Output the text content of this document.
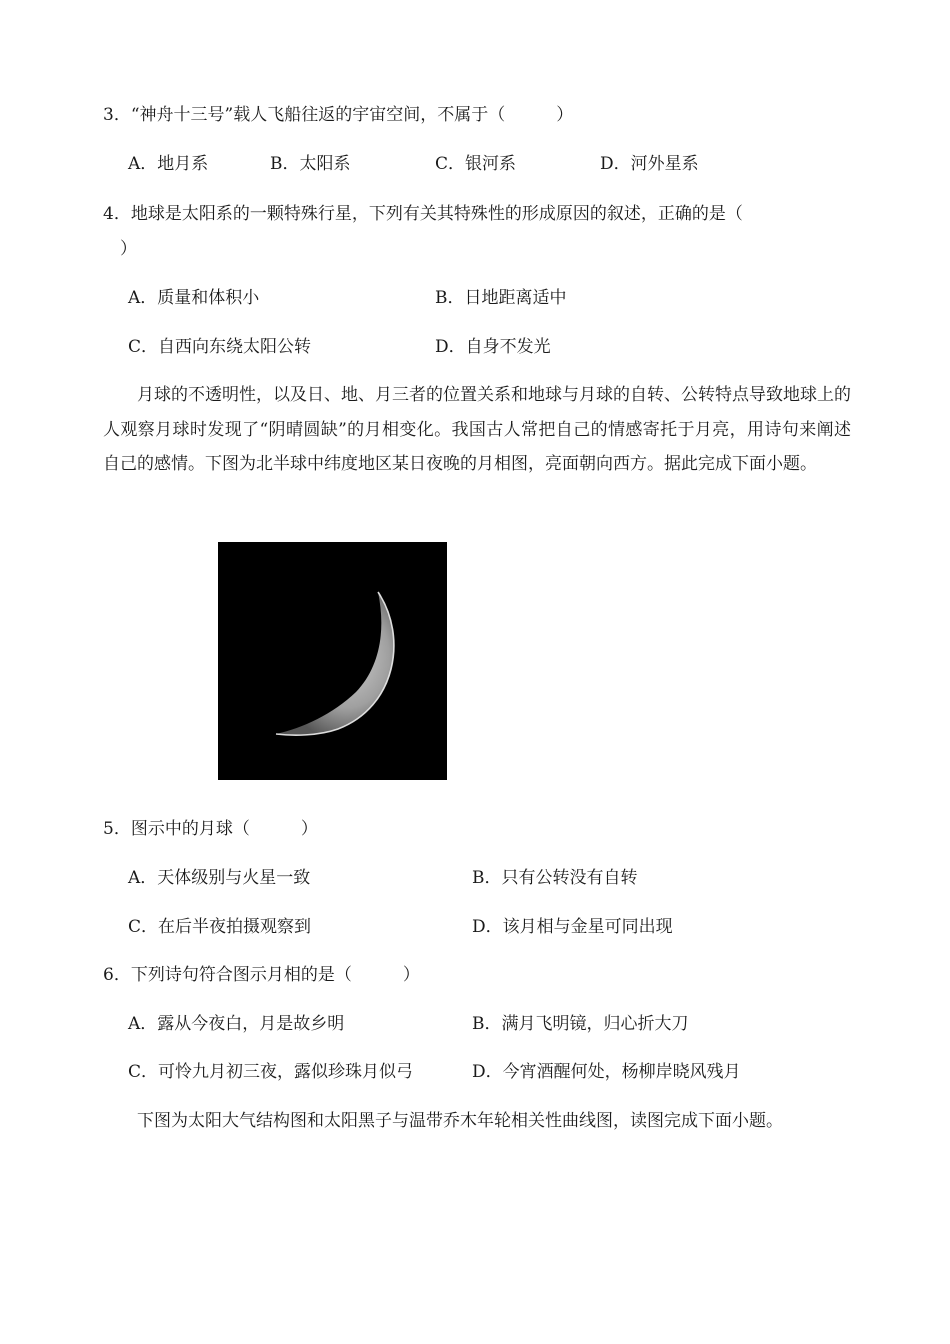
3．“神舟十三号”载人飞船往返的宇宙空间，不属于（　　　）
A．地月系	B．太阳系	C．银河系	D．河外星系
4．地球是太阳系的一颗特殊行星，下列有关其特殊性的形成原因的叙述，正确的是（
）
A．质量和体积小	B．日地距离适中
C．自西向东绕太阳公转	D．自身不发光
月球的不透明性，以及日、地、月三者的位置关系和地球与月球的自转、公转特点导致地球上的人观察月球时发现了“阴晴圆缺”的月相变化。我国古人常把自己的情感寄托于月亮，用诗句来阐述自己的感情。下图为北半球中纬度地区某日夜晚的月相图，亮面朝向西方。据此完成下面小题。
5．图示中的月球（　　　）
A．天体级别与火星一致	B．只有公转没有自转
C．在后半夜拍摄观察到	D．该月相与金星可同出现
6．下列诗句符合图示月相的是（　　　）
A．露从今夜白，月是故乡明	B．满月飞明镜，归心折大刀
C．可怜九月初三夜，露似珍珠月似弓	D．今宵酒醒何处，杨柳岸晓风残月
下图为太阳大气结构图和太阳黑子与温带乔木年轮相关性曲线图，读图完成下面小题。
